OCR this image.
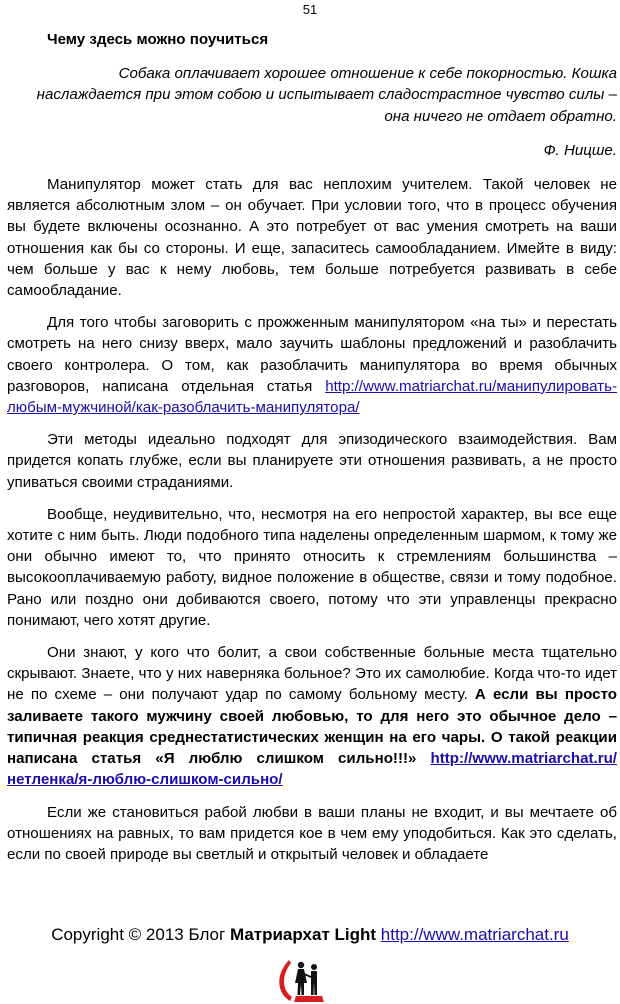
51
Чему здесь можно поучиться

Собака оплачивает хорошее отношение к себе покорностью. Кошка

наслаждается при этом собою и испытывает сладострастное чувство силы –

она ничего не отдает обратно.

Ф. Ницше.

Манипулятор может стать для вас неплохим учителем. Такой человек не является абсолютным злом – он обучает. При условии того, что в процесс обучения вы будете включены осознанно. А это потребует от вас умения смотреть на ваши отношения как бы со стороны. И еще, запаситесь самообладанием. Имейте в виду: чем больше у вас к нему любовь, тем больше потребуется развивать в себе самообладание.

Для того чтобы заговорить с прожженным манипулятором «на ты» и перестать смотреть на него снизу вверх, мало заучить шаблоны предложений и разоблачить своего контролера. О том, как разоблачить манипулятора во время обычных разговоров, написана отдельная статья http://www.matriarchat.ru/манипулировать-любым-мужчиной/как-разоблачить-манипулятора/

Эти методы идеально подходят для эпизодического взаимодействия. Вам придется копать глубже, если вы планируете эти отношения развивать, а не просто упиваться своими страданиями.

Вообще, неудивительно, что, несмотря на его непростой характер, вы все еще хотите с ним быть. Люди подобного типа наделены определенным шармом, к тому же они обычно имеют то, что принято относить к стремлениям большинства – высокооплачиваемую работу, видное положение в обществе, связи и тому подобное. Рано или поздно они добиваются своего, потому что эти управленцы прекрасно понимают, чего хотят другие.

Они знают, у кого что болит, а свои собственные больные места тщательно скрывают. Знаете, что у них наверняка больное? Это их самолюбие. Когда что-то идет не по схеме – они получают удар по самому больному месту. А если вы просто заливаете такого мужчину своей любовью, то для него это обычное дело – типичная реакция среднестатистических женщин на его чары. О такой реакции написана статья «Я люблю слишком сильно!!!» http://www.matriarchat.ru/нетленка/я-люблю-слишком-сильно/

Если же становиться рабой любви в ваши планы не входит, и вы мечтаете об отношениях на равных, то вам придется кое в чем ему уподобиться. Как это сделать, если по своей природе вы светлый и открытый человек и обладаете

Copyright © 2013 Блог Матриархат Light http://www.matriarchat.ru
